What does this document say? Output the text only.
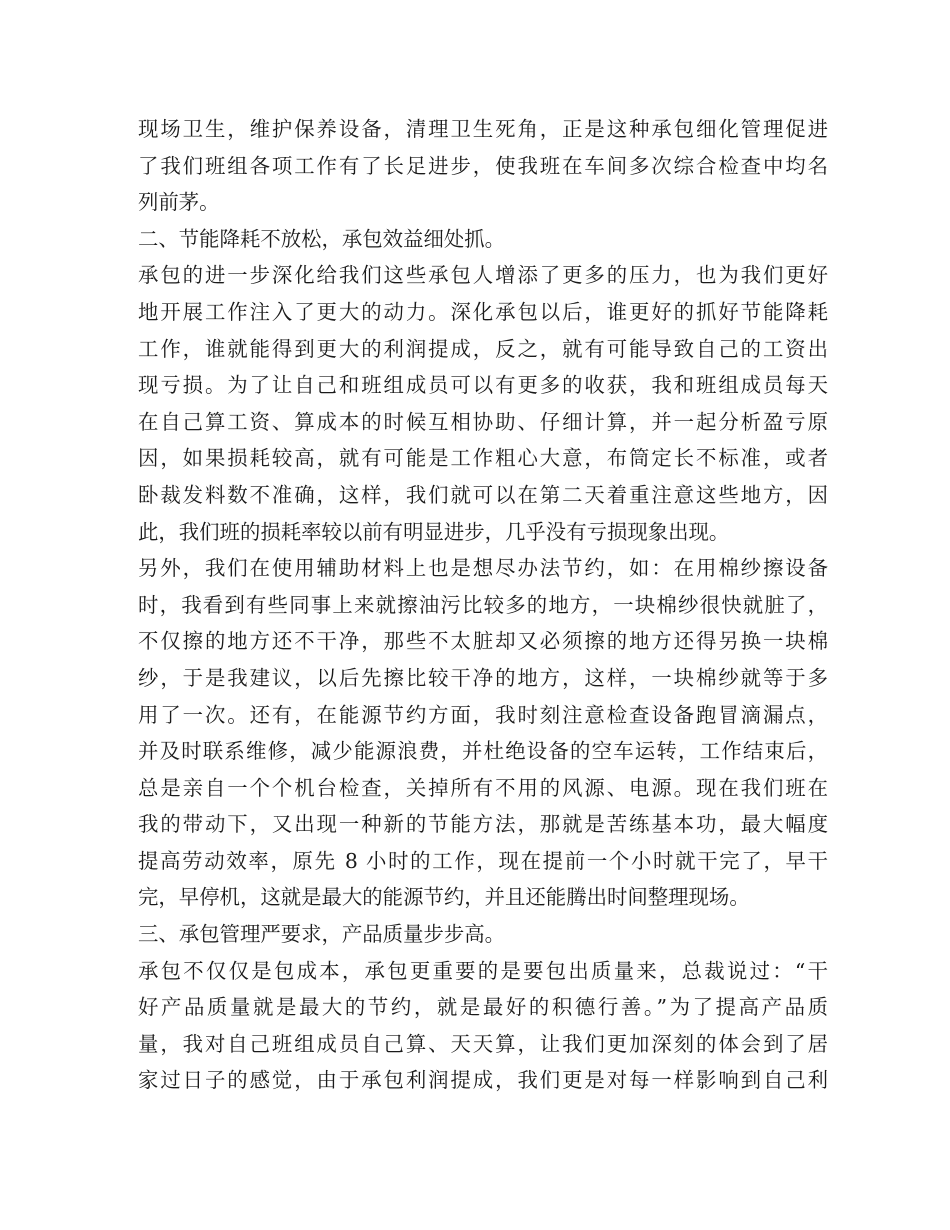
现场卫生，维护保养设备，清理卫生死角，正是这种承包细化管理促进
了我们班组各项工作有了长足进步，使我班在车间多次综合检查中均名
列前茅。
二、节能降耗不放松，承包效益细处抓。
承包的进一步深化给我们这些承包人增添了更多的压力，也为我们更好
地开展工作注入了更大的动力。深化承包以后，谁更好的抓好节能降耗
工作，谁就能得到更大的利润提成，反之，就有可能导致自己的工资出
现亏损。为了让自己和班组成员可以有更多的收获，我和班组成员每天
在自己算工资、算成本的时候互相协助、仔细计算，并一起分析盈亏原
因，如果损耗较高，就有可能是工作粗心大意，布筒定长不标准，或者
卧裁发料数不准确，这样，我们就可以在第二天着重注意这些地方，因
此，我们班的损耗率较以前有明显进步，几乎没有亏损现象出现。
另外，我们在使用辅助材料上也是想尽办法节约，如：在用棉纱擦设备
时，我看到有些同事上来就擦油污比较多的地方，一块棉纱很快就脏了，
不仅擦的地方还不干净，那些不太脏却又必须擦的地方还得另换一块棉
纱，于是我建议，以后先擦比较干净的地方，这样，一块棉纱就等于多
用了一次。还有，在能源节约方面，我时刻注意检查设备跑冒滴漏点，
并及时联系维修，减少能源浪费，并杜绝设备的空车运转，工作结束后，
总是亲自一个个机台检查，关掉所有不用的风源、电源。现在我们班在
我的带动下，又出现一种新的节能方法，那就是苦练基本功，最大幅度
提高劳动效率，原先 8 小时的工作，现在提前一个小时就干完了，早干
完，早停机，这就是最大的能源节约，并且还能腾出时间整理现场。
三、承包管理严要求，产品质量步步高。
承包不仅仅是包成本，承包更重要的是要包出质量来，总裁说过：“干
好产品质量就是最大的节约，就是最好的积德行善。”为了提高产品质
量，我对自己班组成员自己算、天天算，让我们更加深刻的体会到了居
家过日子的感觉，由于承包利润提成，我们更是对每一样影响到自己利
